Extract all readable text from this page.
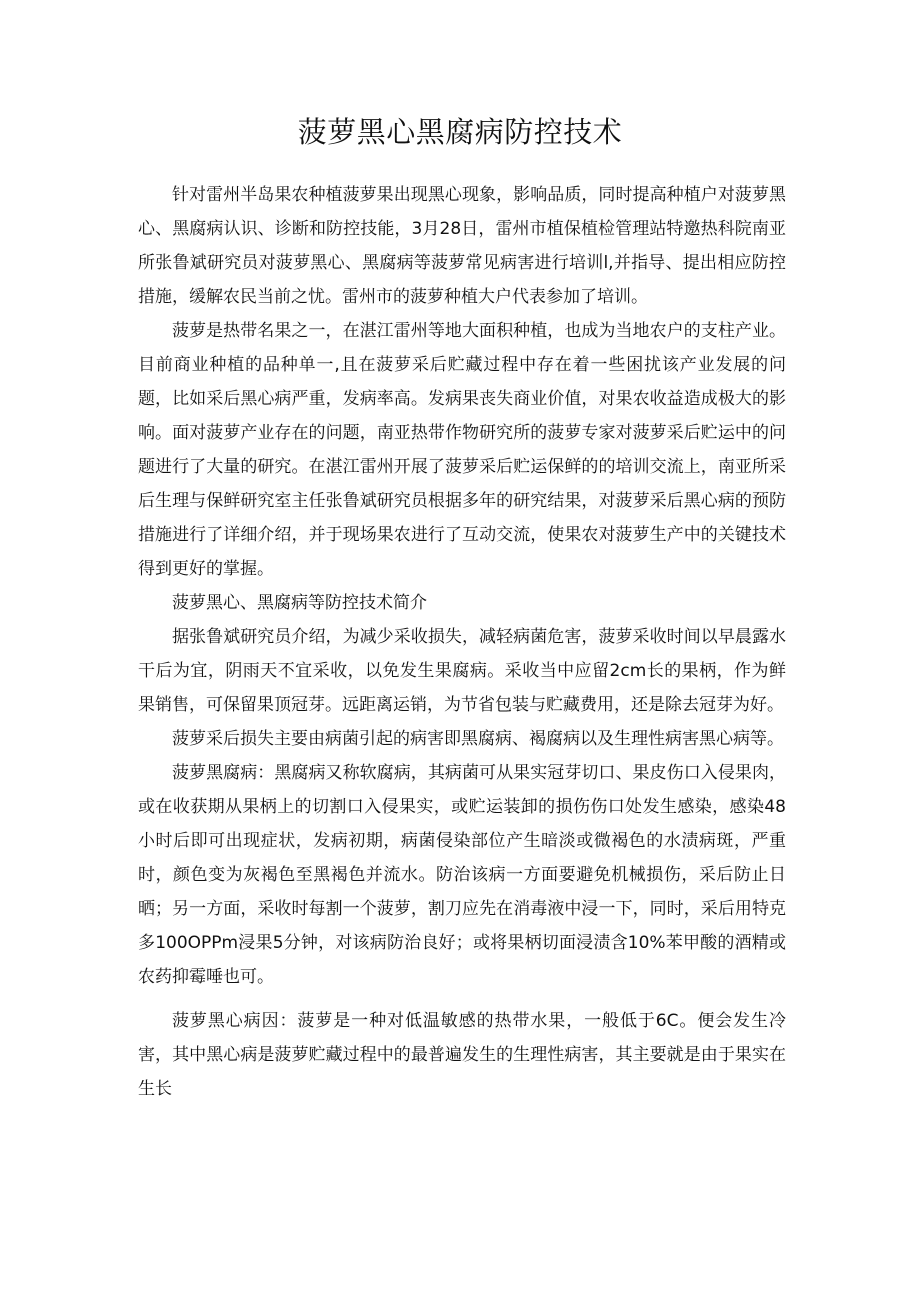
菠萝黑心黑腐病防控技术

针对雷州半岛果农种植菠萝果出现黑心现象，影响品质，同时提高种植户对菠萝黑心、黑腐病认识、诊断和防控技能，3月28日，雷州市植保植检管理站特邀热科院南亚所张鲁斌研究员对菠萝黑心、黑腐病等菠萝常见病害进行培训l,并指导、提出相应防控措施，缓解农民当前之忧。雷州市的菠萝种植大户代表参加了培训。

菠萝是热带名果之一，在湛江雷州等地大面积种植，也成为当地农户的支柱产业。目前商业种植的品种单一,且在菠萝采后贮藏过程中存在着一些困扰该产业发展的问题，比如采后黑心病严重，发病率高。发病果丧失商业价值，对果农收益造成极大的影响。面对菠萝产业存在的问题，南亚热带作物研究所的菠萝专家对菠萝采后贮运中的问题进行了大量的研究。在湛江雷州开展了菠萝采后贮运保鲜的的培训交流上，南亚所采后生理与保鲜研究室主任张鲁斌研究员根据多年的研究结果，对菠萝采后黑心病的预防措施进行了详细介绍，并于现场果农进行了互动交流，使果农对菠萝生产中的关键技术得到更好的掌握。

菠萝黑心、黑腐病等防控技术简介

据张鲁斌研究员介绍，为减少采收损失，减轻病菌危害，菠萝采收时间以早晨露水干后为宜，阴雨天不宜采收，以免发生果腐病。采收当中应留2cm长的果柄，作为鲜果销售，可保留果顶冠芽。远距离运销，为节省包装与贮藏费用，还是除去冠芽为好。

菠萝采后损失主要由病菌引起的病害即黑腐病、褐腐病以及生理性病害黑心病等。

菠萝黑腐病：黑腐病又称软腐病，其病菌可从果实冠芽切口、果皮伤口入侵果肉，或在收获期从果柄上的切割口入侵果实，或贮运装卸的损伤伤口处发生感染，感染48小时后即可出现症状，发病初期，病菌侵染部位产生暗淡或微褐色的水渍病斑，严重时，颜色变为灰褐色至黑褐色并流水。防治该病一方面要避免机械损伤，采后防止日晒；另一方面，采收时每割一个菠萝，割刀应先在消毒液中浸一下，同时，采后用特克多100OPPm浸果5分钟，对该病防治良好；或将果柄切面浸渍含10%苯甲酸的酒精或农药抑霉唾也可。

菠萝黑心病因：菠萝是一种对低温敏感的热带水果，一般低于6C。便会发生冷害，其中黑心病是菠萝贮藏过程中的最普遍发生的生理性病害，其主要就是由于果实在生长
